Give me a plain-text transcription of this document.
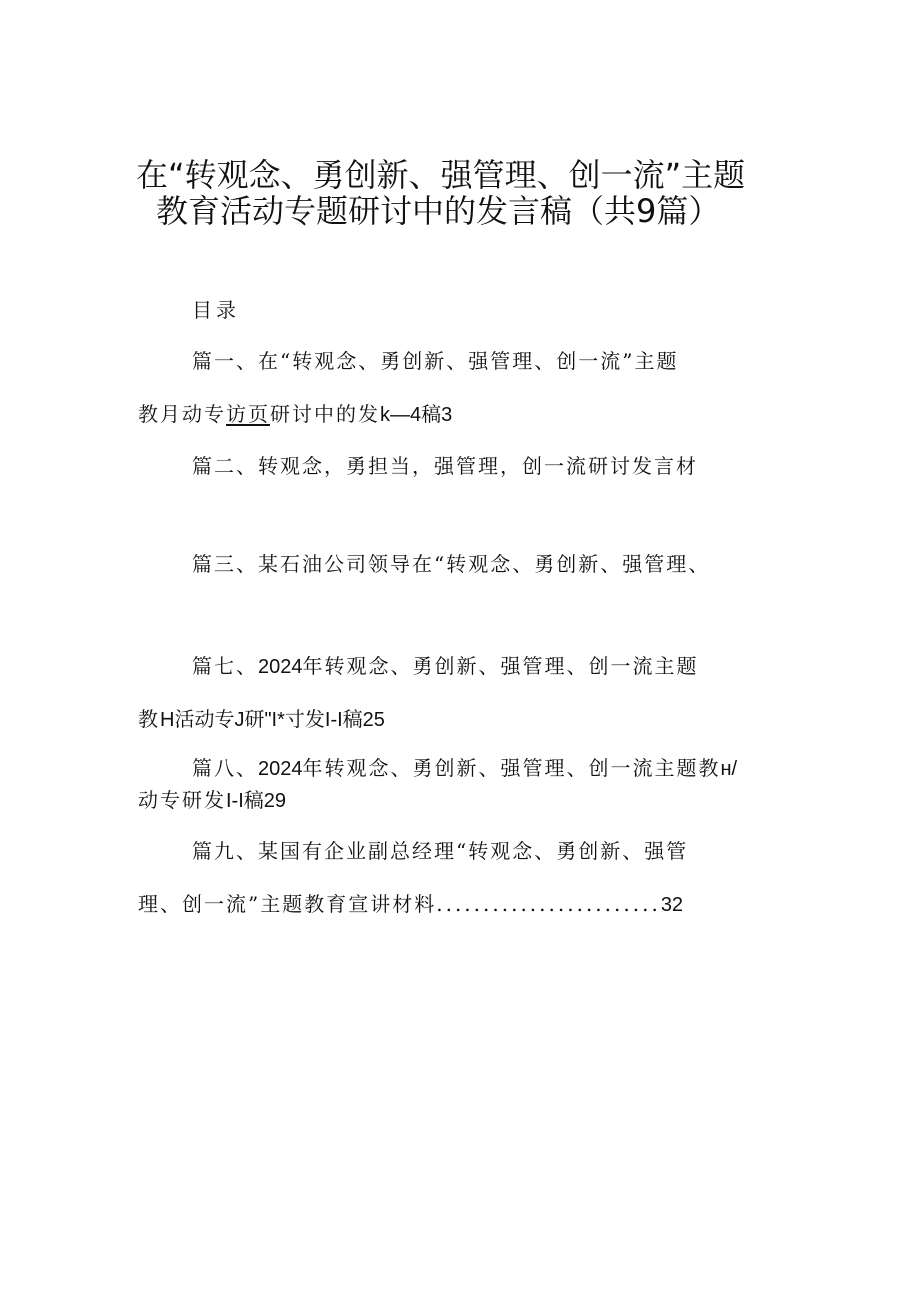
在“转观念、勇创新、强管理、创一流”主题
教育活动专题研讨中的发言稿（共9篇）
目录
篇一、在“转观念、勇创新、强管理、创一流”主题
教月动专访页研讨中的发k—4稿3
篇二、转观念，勇担当，强管理，创一流研讨发言材
篇三、某石油公司领导在“转观念、勇创新、强管理、
篇七、2024年转观念、勇创新、强管理、创一流主题
教H活动专J研"I*寸发I-I稿25
篇八、2024年转观念、勇创新、强管理、创一流主题教н/
动专研发I-I稿29
篇九、某国有企业副总经理“转观念、勇创新、强管
理、创一流”主题教育宣讲材料........................32
